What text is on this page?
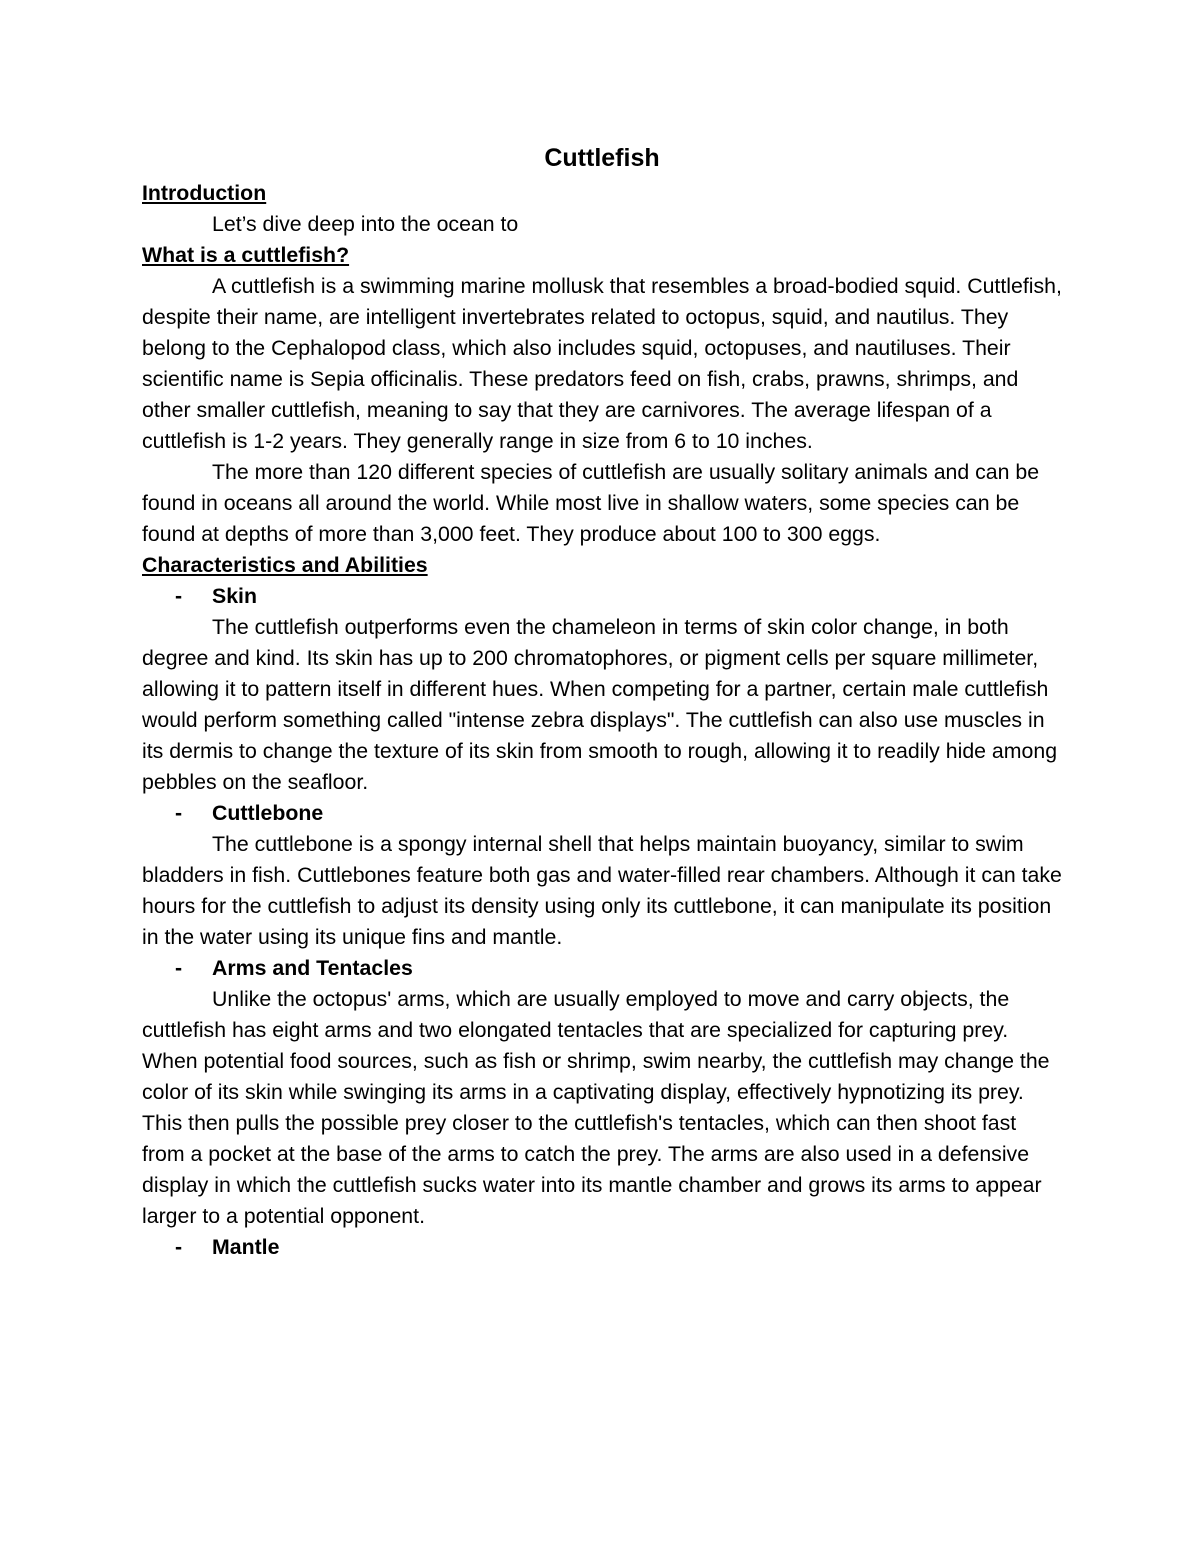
Cuttlefish
Introduction

Let’s dive deep into the ocean to

What is a cuttlefish?

A cuttlefish is a swimming marine mollusk that resembles a broad-bodied squid. Cuttlefish, despite their name, are intelligent invertebrates related to octopus, squid, and nautilus. They belong to the Cephalopod class, which also includes squid, octopuses, and nautiluses. Their scientific name is Sepia officinalis. These predators feed on fish, crabs, prawns, shrimps, and other smaller cuttlefish, meaning to say that they are carnivores. The average lifespan of a cuttlefish is 1-2 years. They generally range in size from 6 to 10 inches.

The more than 120 different species of cuttlefish are usually solitary animals and can be found in oceans all around the world. While most live in shallow waters, some species can be found at depths of more than 3,000 feet. They produce about 100 to 300 eggs.

Characteristics and Abilities
- Skin

The cuttlefish outperforms even the chameleon in terms of skin color change, in both degree and kind. Its skin has up to 200 chromatophores, or pigment cells per square millimeter, allowing it to pattern itself in different hues. When competing for a partner, certain male cuttlefish would perform something called "intense zebra displays". The cuttlefish can also use muscles in its dermis to change the texture of its skin from smooth to rough, allowing it to readily hide among pebbles on the seafloor.

- Cuttlebone

The cuttlebone is a spongy internal shell that helps maintain buoyancy, similar to swim bladders in fish. Cuttlebones feature both gas and water-filled rear chambers. Although it can take hours for the cuttlefish to adjust its density using only its cuttlebone, it can manipulate its position in the water using its unique fins and mantle.

- Arms and Tentacles

Unlike the octopus' arms, which are usually employed to move and carry objects, the cuttlefish has eight arms and two elongated tentacles that are specialized for capturing prey. When potential food sources, such as fish or shrimp, swim nearby, the cuttlefish may change the color of its skin while swinging its arms in a captivating display, effectively hypnotizing its prey. This then pulls the possible prey closer to the cuttlefish's tentacles, which can then shoot fast from a pocket at the base of the arms to catch the prey. The arms are also used in a defensive display in which the cuttlefish sucks water into its mantle chamber and grows its arms to appear larger to a potential opponent.

- Mantle
